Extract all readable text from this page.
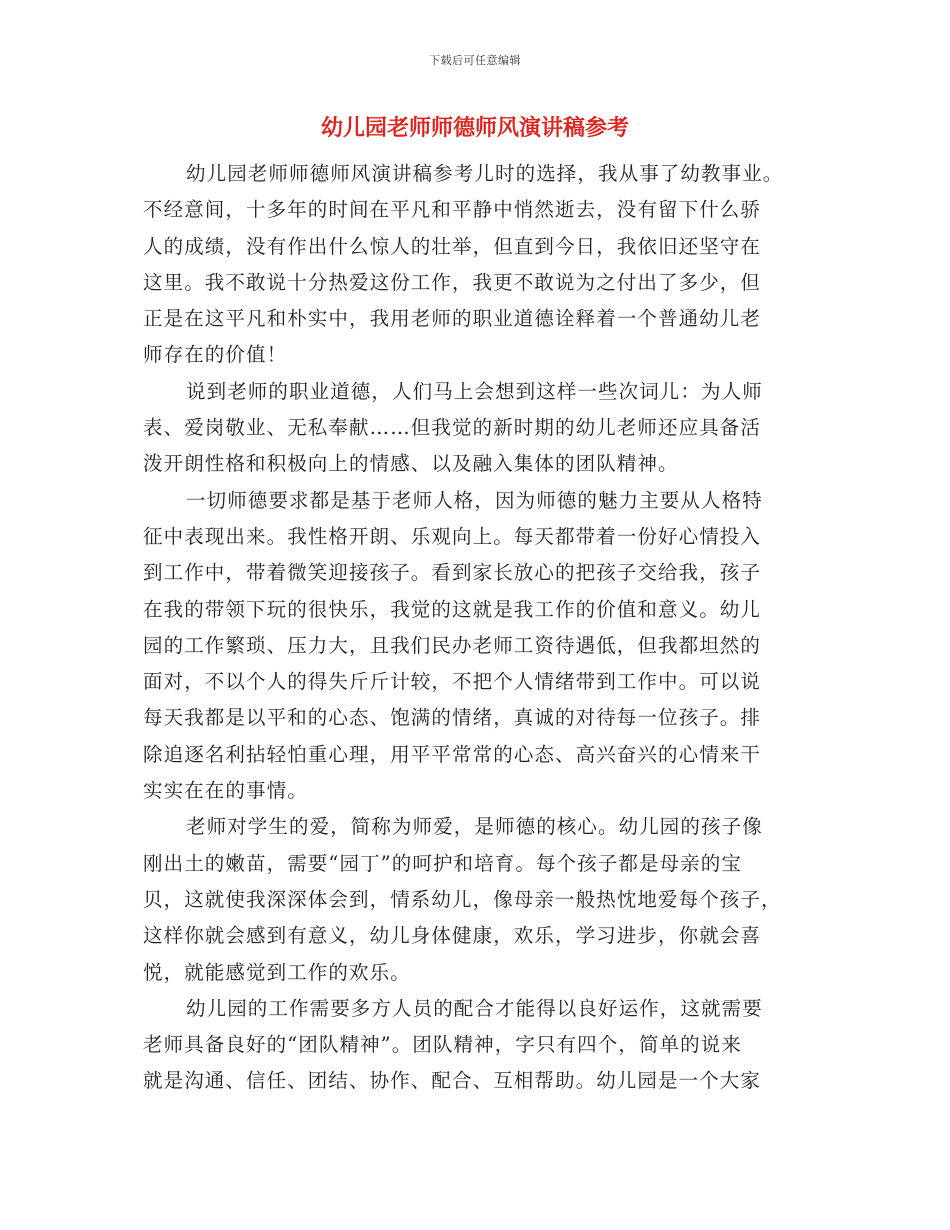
下载后可任意编辑
幼儿园老师师德师风演讲稿参考
幼儿园老师师德师风演讲稿参考儿时的选择，我从事了幼教事业。
不经意间，十多年的时间在平凡和平静中悄然逝去，没有留下什么骄
人的成绩，没有作出什么惊人的壮举，但直到今日，我依旧还坚守在
这里。我不敢说十分热爱这份工作，我更不敢说为之付出了多少，但
正是在这平凡和朴实中，我用老师的职业道德诠释着一个普通幼儿老
师存在的价值！
说到老师的职业道德，人们马上会想到这样一些次词儿：为人师
表、爱岗敬业、无私奉献……但我觉的新时期的幼儿老师还应具备活
泼开朗性格和积极向上的情感、以及融入集体的团队精神。
一切师德要求都是基于老师人格，因为师德的魅力主要从人格特
征中表现出来。我性格开朗、乐观向上。每天都带着一份好心情投入
到工作中，带着微笑迎接孩子。看到家长放心的把孩子交给我，孩子
在我的带领下玩的很快乐，我觉的这就是我工作的价值和意义。幼儿
园的工作繁琐、压力大，且我们民办老师工资待遇低，但我都坦然的
面对，不以个人的得失斤斤计较，不把个人情绪带到工作中。可以说
每天我都是以平和的心态、饱满的情绪，真诚的对待每一位孩子。排
除追逐名利拈轻怕重心理，用平平常常的心态、高兴奋兴的心情来干
实实在在的事情。
老师对学生的爱，简称为师爱，是师德的核心。幼儿园的孩子像
刚出土的嫩苗，需要“园丁”的呵护和培育。每个孩子都是母亲的宝
贝，这就使我深深体会到，情系幼儿，像母亲一般热忱地爱每个孩子，
这样你就会感到有意义，幼儿身体健康，欢乐，学习进步，你就会喜
悦，就能感觉到工作的欢乐。
幼儿园的工作需要多方人员的配合才能得以良好运作，这就需要
老师具备良好的“团队精神”。团队精神，字只有四个，简单的说来
就是沟通、信任、团结、协作、配合、互相帮助。幼儿园是一个大家
